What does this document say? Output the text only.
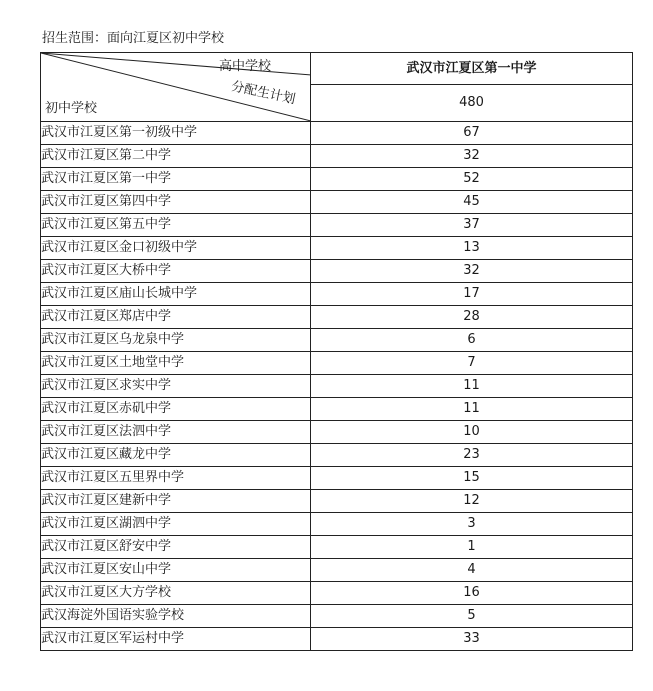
招生范围：面向江夏区初中学校
高中学校
分配生计划
初中学校	武汉市江夏区第一中学
	480
武汉市江夏区第一初级中学	67
武汉市江夏区第二中学	32
武汉市江夏区第一中学	52
武汉市江夏区第四中学	45
武汉市江夏区第五中学	37
武汉市江夏区金口初级中学	13
武汉市江夏区大桥中学	32
武汉市江夏区庙山长城中学	17
武汉市江夏区郑店中学	28
武汉市江夏区乌龙泉中学	6
武汉市江夏区土地堂中学	7
武汉市江夏区求实中学	11
武汉市江夏区赤矶中学	11
武汉市江夏区法泗中学	10
武汉市江夏区藏龙中学	23
武汉市江夏区五里界中学	15
武汉市江夏区建新中学	12
武汉市江夏区湖泗中学	3
武汉市江夏区舒安中学	1
武汉市江夏区安山中学	4
武汉市江夏区大方学校	16
武汉海淀外国语实验学校	5
武汉市江夏区军运村中学	33
